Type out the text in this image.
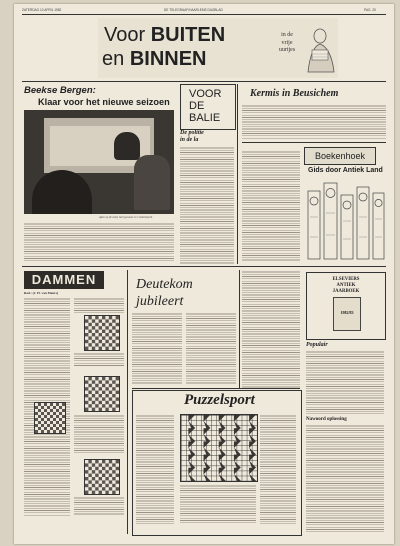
ZATERDAG 10 APRIL 1982	DE TELEGRAAF/HAARLEMS DAGBLAD	PAG. 25
Voor BUITEN
en BINNEN
in de
vrije
uurtjes
Beekse Bergen:
Klaar voor het nieuwe seizoen
Apen op de weid, heel gewoon en 't asbestsperk
VOOR
DE
BALIE
De politie
in de la
Kermis in Beusichem
Boekenhoek
Gids door Antiek Land
DAMMEN
Red.: (J. H. van Meurs)
Deutekom
jubileert
ELSEVIERS
ANTIEK
JAARBOEK
1982/83
Populair
Nawoord oplossing
Puzzelsport
